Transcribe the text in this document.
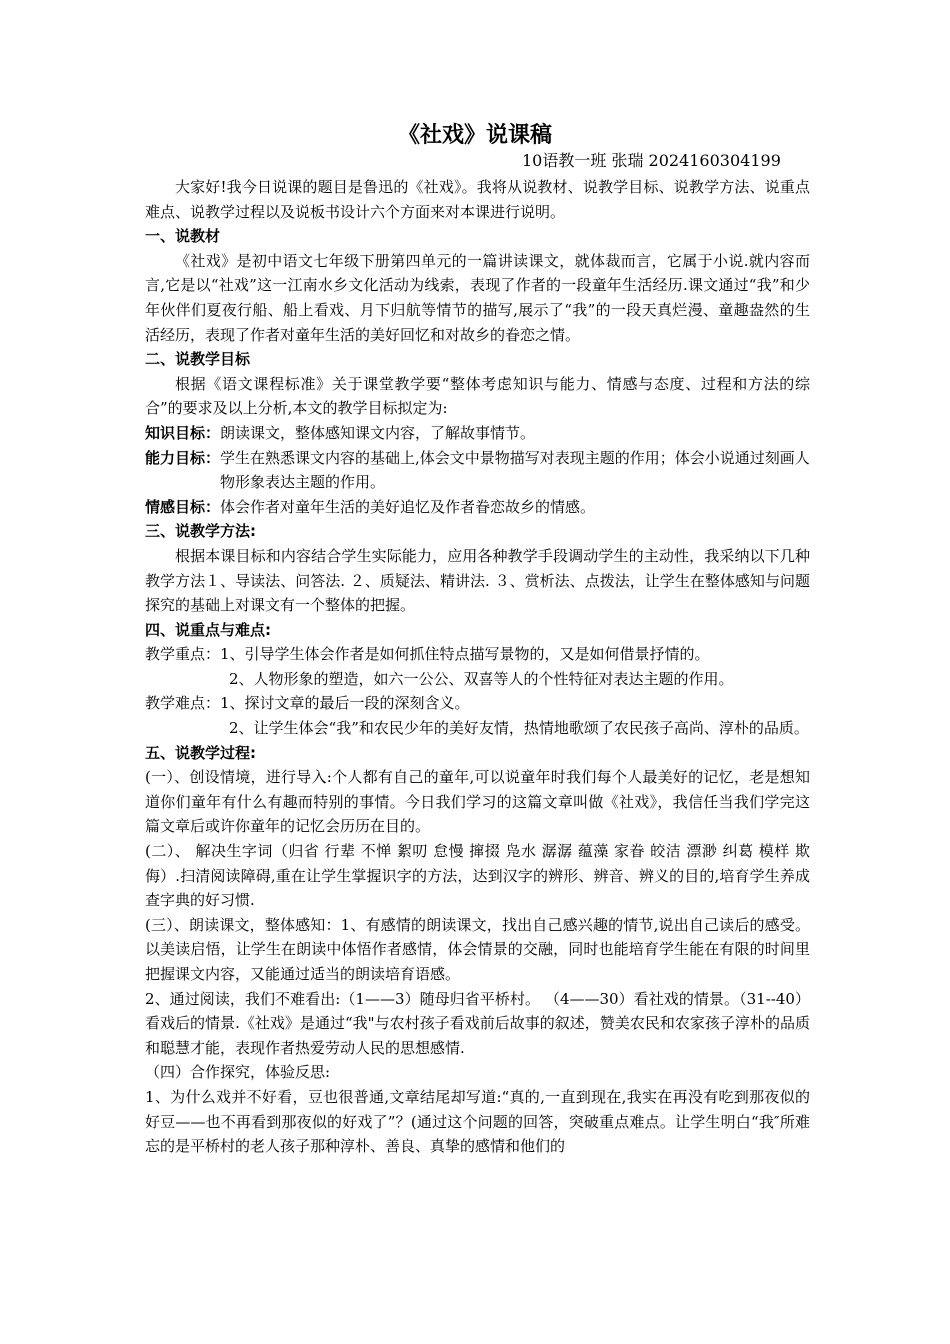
《社戏》说课稿
10语教一班 张瑞 2024160304199

大家好!我今日说课的题目是鲁迅的《社戏》。我将从说教材、说教学目标、说教学方法、说重点难点、说教学过程以及说板书设计六个方面来对本课进行说明。

一、说教材

《社戏》是初中语文七年级下册第四单元的一篇讲读课文，就体裁而言，它属于小说.就内容而言,它是以“社戏”这一江南水乡文化活动为线索，表现了作者的一段童年生活经历.课文通过“我”和少年伙伴们夏夜行船、船上看戏、月下归航等情节的描写,展示了“我”的一段天真烂漫、童趣盎然的生活经历，表现了作者对童年生活的美好回忆和对故乡的眷恋之情。

二、说教学目标

根据《语文课程标准》关于课堂教学要“整体考虑知识与能力、情感与态度、过程和方法的综合”的要求及以上分析,本文的教学目标拟定为:

知识目标： 朗读课文，整体感知课文内容，了解故事情节。
能力目标： 学生在熟悉课文内容的基础上,体会文中景物描写对表现主题的作用；体会小说通过刻画人物形象表达主题的作用。
情感目标： 体会作者对童年生活的美好追忆及作者眷恋故乡的情感。

三、说教学方法:

根据本课目标和内容结合学生实际能力，应用各种教学手段调动学生的主动性，我采纳以下几种教学方法１、导读法、问答法. ２、质疑法、精讲法. ３、赏析法、点拨法，让学生在整体感知与问题探究的基础上对课文有一个整体的把握。

四、说重点与难点:

教学重点： 1、引导学生体会作者是如何抓住特点描写景物的，又是如何借景抒情的。

2、人物形象的塑造，如六一公公、双喜等人的个性特征对表达主题的作用。

教学难点： 1、探讨文章的最后一段的深刻含义。

2、让学生体会“我”和农民少年的美好友情，热情地歌颂了农民孩子高尚、淳朴的品质。

五、说教学过程:

(一）、创设情境，进行导入:个人都有自己的童年,可以说童年时我们每个人最美好的记忆，老是想知道你们童年有什么有趣而特别的事情。今日我们学习的这篇文章叫做《社戏》，我信任当我们学完这篇文章后或许你童年的记忆会历历在目的。

(二）、 解决生字词（归省 行辈 不惮 絮叨 怠慢 撺掇 凫水 潺潺 蕴藻 家眷 皎洁 漂渺 纠葛 模样 欺侮）.扫清阅读障碍,重在让学生掌握识字的方法，达到汉字的辨形、辨音、辨义的目的,培育学生养成查字典的好习惯.

(三）、朗读课文，整体感知：1、有感情的朗读课文，找出自己感兴趣的情节,说出自己读后的感受。以美读启悟，让学生在朗读中体悟作者感情，体会情景的交融，同时也能培育学生能在有限的时间里把握课文内容，又能通过适当的朗读培育语感。

2、通过阅读，我们不难看出:（1——3）随母归省平桥村。 （4——30）看社戏的情景。（31--40）看戏后的情景.《社戏》是通过“我"与农村孩子看戏前后故事的叙述，赞美农民和农家孩子淳朴的品质和聪慧才能，表现作者热爱劳动人民的思想感情.

（四）合作探究，体验反思:

1、为什么戏并不好看，豆也很普通,文章结尾却写道:“真的,一直到现在,我实在再没有吃到那夜似的好豆——也不再看到那夜似的好戏了”？(通过这个问题的回答，突破重点难点。让学生明白“我″所难忘的是平桥村的老人孩子那种淳朴、善良、真挚的感情和他们的
